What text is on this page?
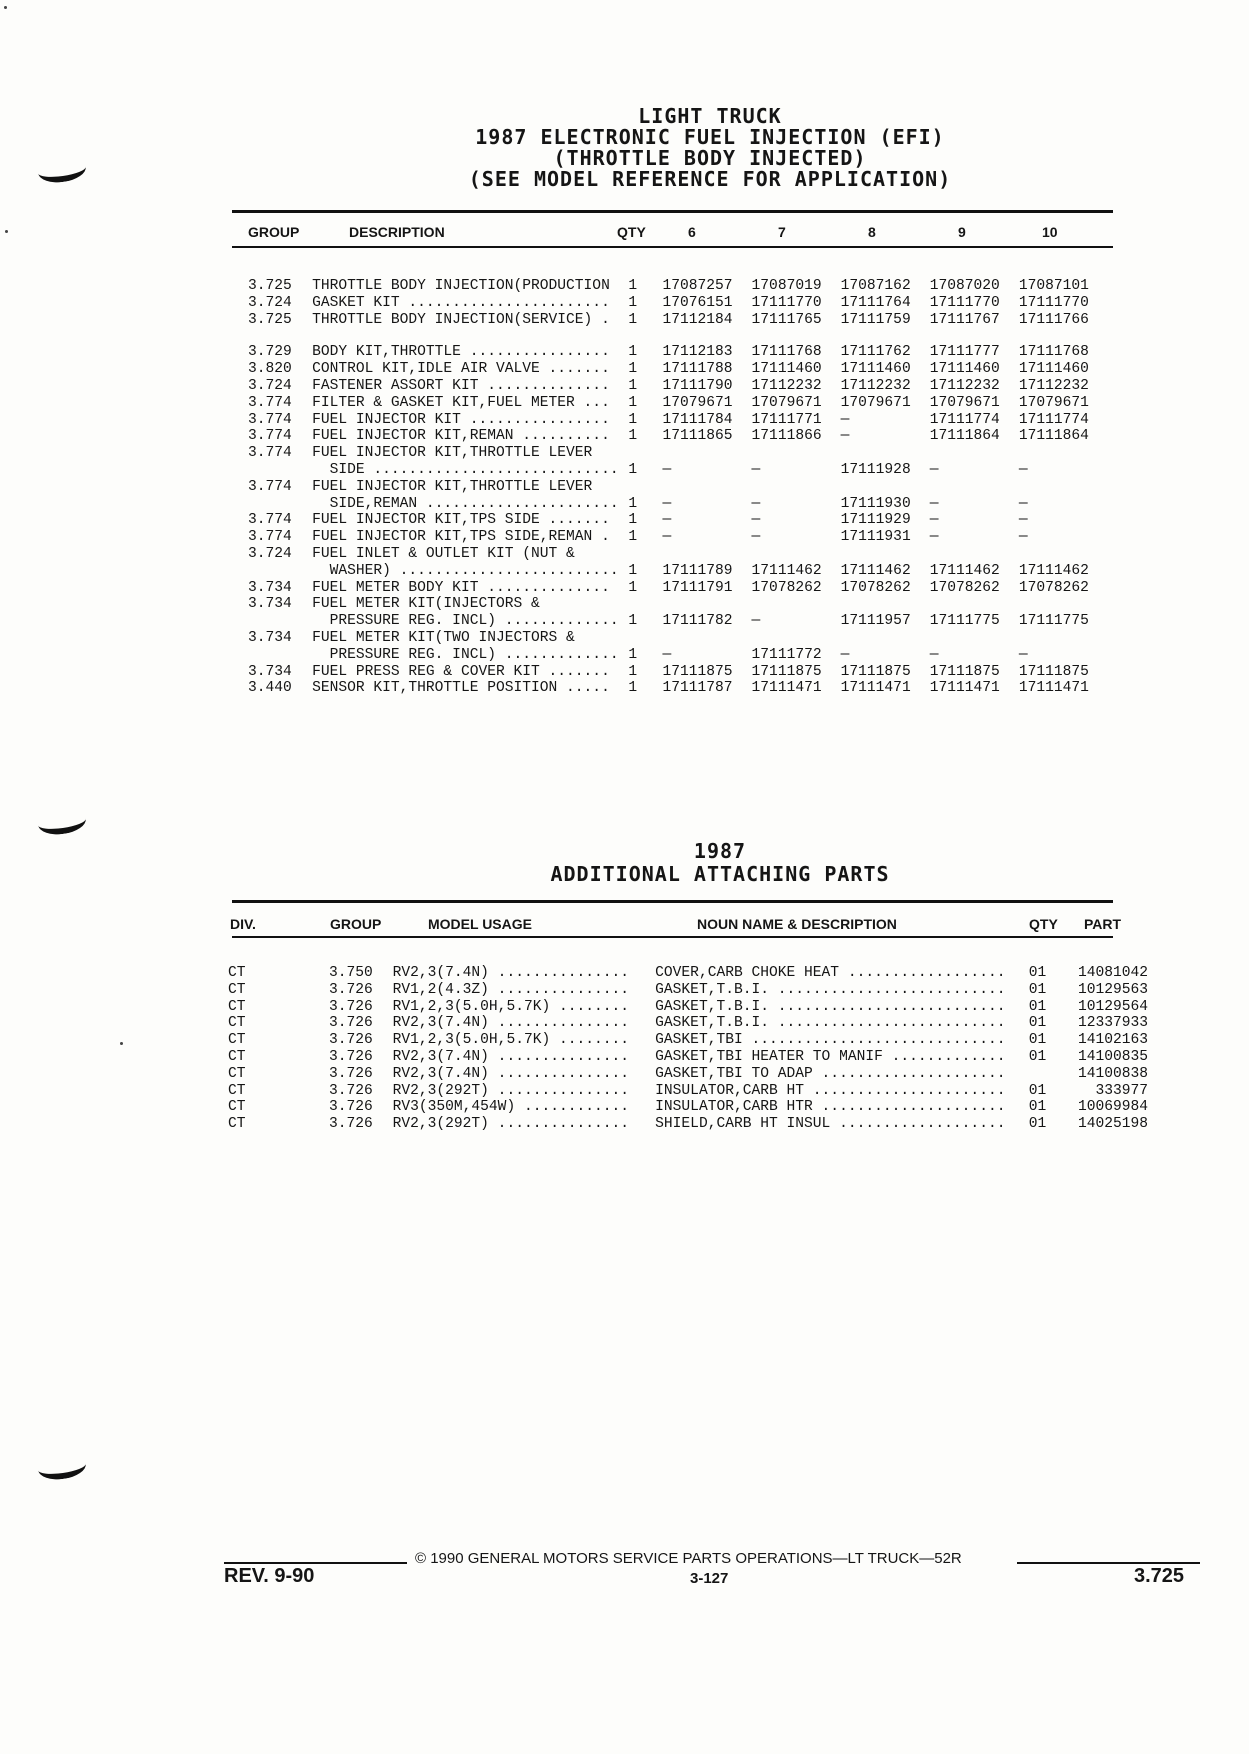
LIGHT TRUCK
1987 ELECTRONIC FUEL INJECTION (EFI)
(THROTTLE BODY INJECTED)
(SEE MODEL REFERENCE FOR APPLICATION)
GROUP	DESCRIPTION	QTY	6	7	8	9	10
3.725	THROTTLE BODY INJECTION(PRODUCTION	1	17087257	17087019	17087162	17087020	17087101
3.724	GASKET KIT .......................	1	17076151	17111770	17111764	17111770	17111770
3.725	THROTTLE BODY INJECTION(SERVICE) .	1	17112184	17111765	17111759	17111767	17111766

3.729	BODY KIT,THROTTLE ................	1	17112183	17111768	17111762	17111777	17111768
3.820	CONTROL KIT,IDLE AIR VALVE .......	1	17111788	17111460	17111460	17111460	17111460
3.724	FASTENER ASSORT KIT ..............	1	17111790	17112232	17112232	17112232	17112232
3.774	FILTER & GASKET KIT,FUEL METER ...	1	17079671	17079671	17079671	17079671	17079671
3.774	FUEL INJECTOR KIT ................	1	17111784	17111771	—	17111774	17111774
3.774	FUEL INJECTOR KIT,REMAN ..........	1	17111865	17111866	—	17111864	17111864
3.774	FUEL INJECTOR KIT,THROTTLE LEVER						
	SIDE ............................	1	—	—	17111928	—	—
3.774	FUEL INJECTOR KIT,THROTTLE LEVER						
	SIDE,REMAN ......................	1	—	—	17111930	—	—
3.774	FUEL INJECTOR KIT,TPS SIDE .......	1	—	—	17111929	—	—
3.774	FUEL INJECTOR KIT,TPS SIDE,REMAN .	1	—	—	17111931	—	—
3.724	FUEL INLET & OUTLET KIT (NUT &						
	WASHER) .........................	1	17111789	17111462	17111462	17111462	17111462
3.734	FUEL METER BODY KIT ..............	1	17111791	17078262	17078262	17078262	17078262
3.734	FUEL METER KIT(INJECTORS &						
	PRESSURE REG. INCL) .............	1	17111782	—	17111957	17111775	17111775
3.734	FUEL METER KIT(TWO INJECTORS &						
	PRESSURE REG. INCL) .............	1	—	17111772	—	—	—
3.734	FUEL PRESS REG & COVER KIT .......	1	17111875	17111875	17111875	17111875	17111875
3.440	SENSOR KIT,THROTTLE POSITION .....	1	17111787	17111471	17111471	17111471	17111471
1987
ADDITIONAL ATTACHING PARTS
DIV.	GROUP	MODEL USAGE	NOUN NAME & DESCRIPTION	QTY PART
CT	3.750	RV2,3(7.4N) ...............	COVER,CARB CHOKE HEAT ..................	01	14081042
CT	3.726	RV1,2(4.3Z) ...............	GASKET,T.B.I. ..........................	01	10129563
CT	3.726	RV1,2,3(5.0H,5.7K) ........	GASKET,T.B.I. ..........................	01	10129564
CT	3.726	RV2,3(7.4N) ...............	GASKET,T.B.I. ..........................	01	12337933
CT	3.726	RV1,2,3(5.0H,5.7K) ........	GASKET,TBI .............................	01	14102163
CT	3.726	RV2,3(7.4N) ...............	GASKET,TBI HEATER TO MANIF .............	01	14100835
CT	3.726	RV2,3(7.4N) ...............	GASKET,TBI TO ADAP .....................		14100838
CT	3.726	RV2,3(292T) ...............	INSULATOR,CARB HT ......................	01	333977
CT	3.726	RV3(350M,454W) ............	INSULATOR,CARB HTR .....................	01	10069984
CT	3.726	RV2,3(292T) ...............	SHIELD,CARB HT INSUL ...................	01	14025198
© 1990 GENERAL MOTORS SERVICE PARTS OPERATIONS—LT TRUCK—52R
REV. 9-90	3-127	3.725
